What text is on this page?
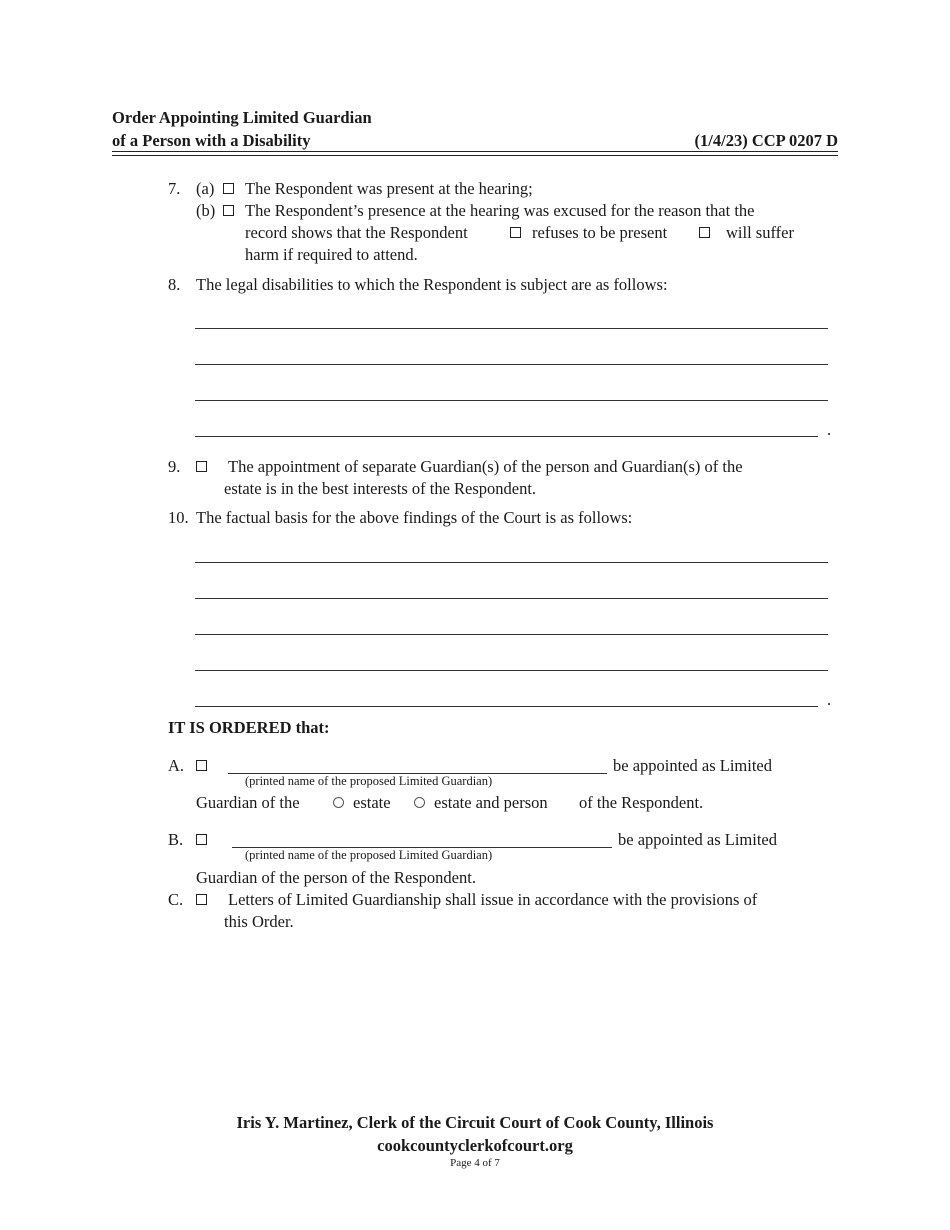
Order Appointing Limited Guardian
of a Person with a Disability	(1/4/23) CCP 0207 D
7. (a) The Respondent was present at the hearing;
(b) The Respondent’s presence at the hearing was excused for the reason that the
record shows that the Respondent	refuses to be present	will suffer
harm if required to attend.
8. The legal disabilities to which the Respondent is subject are as follows:
.
9.	The appointment of separate Guardian(s) of the person and Guardian(s) of the
estate is in the best interests of the Respondent.
10. The factual basis for the above findings of the Court is as follows:
.
IT IS ORDERED that:
A.	be appointed as Limited
(printed name of the proposed Limited Guardian)
Guardian of the	estate	estate and person of the Respondent.
B.	be appointed as Limited
(printed name of the proposed Limited Guardian)
Guardian of the person of the Respondent.
C.	Letters of Limited Guardianship shall issue in accordance with the provisions of
this Order.
Iris Y. Martinez, Clerk of the Circuit Court of Cook County, Illinois
cookcountyclerkofcourt.org
Page 4 of 7
